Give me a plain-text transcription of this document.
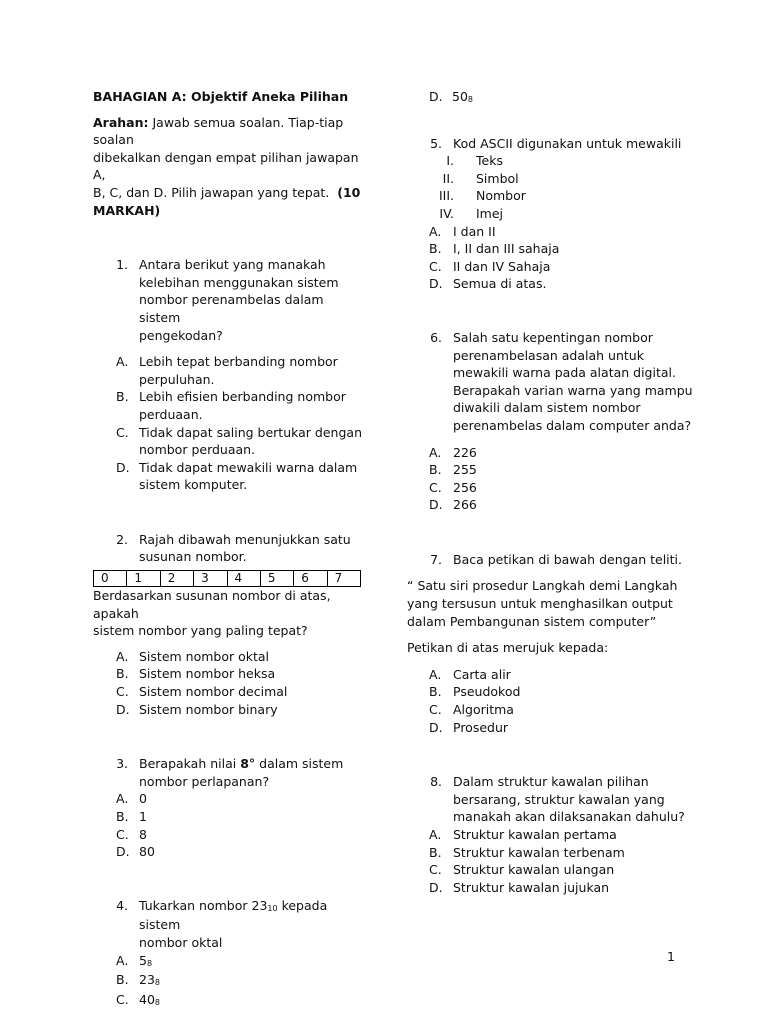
BAHAGIAN A: Objektif Aneka Pilihan

Arahan: Jawab semua soalan. Tiap-tiap soalan

dibekalkan dengan empat pilihan jawapan A,

B, C, dan D. Pilih jawapan yang tepat. (10

MARKAH)

1. Antara berikut yang manakah

kelebihan menggunakan sistem

nombor perenambelas dalam sistem

pengekodan?

A. Lebih tepat berbanding nombor

perpuluhan.

B. Lebih efisien berbanding nombor

perduaan.

C. Tidak dapat saling bertukar dengan

nombor perduaan.

D. Tidak dapat mewakili warna dalam

sistem komputer.

2. Rajah dibawah menunjukkan satu

susunan nombor.

0	1	2	3	4	5	6	7

Berdasarkan susunan nombor di atas, apakah

sistem nombor yang paling tepat?

A. Sistem nombor oktal
B. Sistem nombor heksa
C. Sistem nombor decimal
D. Sistem nombor binary
3. Berapakah nilai 8° dalam sistem

nombor perlapanan?

A. 0
B. 1
C. 8
D. 80
4. Tukarkan nombor $23_{10}$ kepada sistem

nombor oktal

A. $5_8$
B. $23_8$
C. $40_8$
D. $50_8$
5. Kod ASCII digunakan untuk mewakili
I.	Teks
II.	Simbol
III.	Nombor
IV.	Imej
A. I dan II
B. I, II dan III sahaja
C. II dan IV Sahaja
D. Semua di atas.
6. Salah satu kepentingan nombor

perenambelasan adalah untuk

mewakili warna pada alatan digital.

Berapakah varian warna yang mampu

diwakili dalam sistem nombor

perenambelas dalam computer anda?

A. 226
B. 255
C. 256
D. 266
7. Baca petikan di bawah dengan teliti.

“ Satu siri prosedur Langkah demi Langkah

yang tersusun untuk menghasilkan output

dalam Pembangunan sistem computer”

Petikan di atas merujuk kepada:

A. Carta alir
B. Pseudokod
C. Algoritma
D. Prosedur
8. Dalam struktur kawalan pilihan

bersarang, struktur kawalan yang

manakah akan dilaksanakan dahulu?

A. Struktur kawalan pertama
B. Struktur kawalan terbenam
C. Struktur kawalan ulangan
D. Struktur kawalan jujukan
1
